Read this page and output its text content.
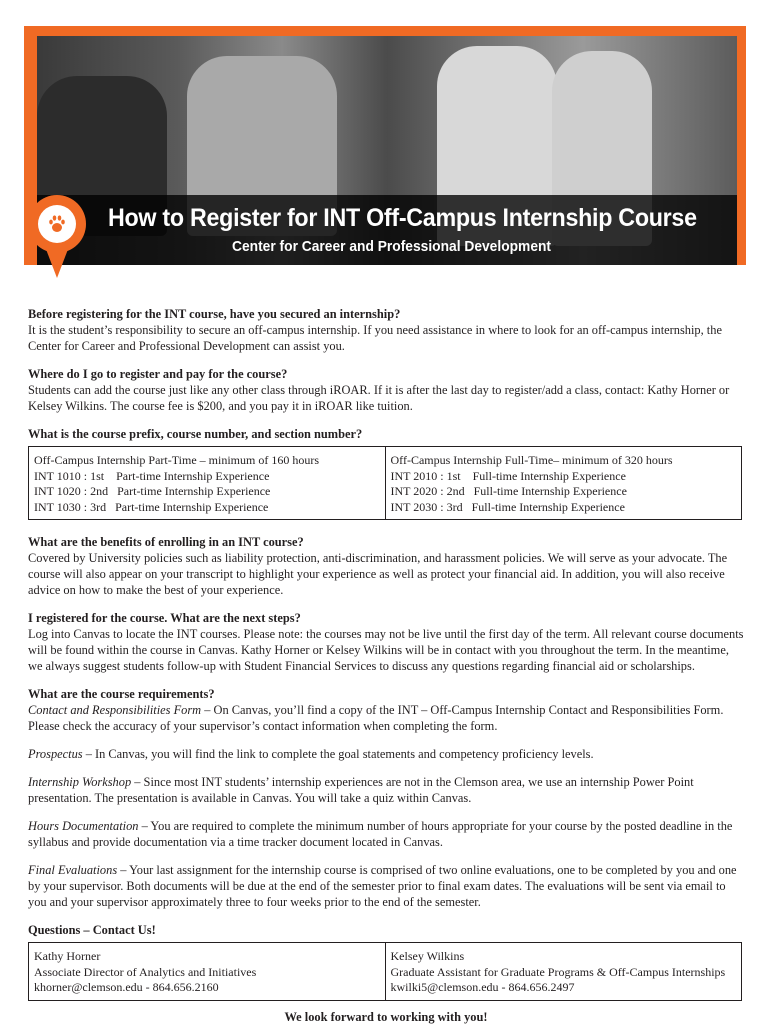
How to Register for INT Off-Campus Internship Course
Center for Career and Professional Development

Before registering for the INT course, have you secured an internship?

It is the student’s responsibility to secure an off-campus internship. If you need assistance in where to look for an off-campus internship, the Center for Career and Professional Development can assist you.

Where do I go to register and pay for the course?

Students can add the course just like any other class through iROAR. If it is after the last day to register/add a class, contact: Kathy Horner or Kelsey Wilkins. The course fee is $200, and you pay it in iROAR like tuition.

What is the course prefix, course number, and section number?

Off-Campus Internship Part-Time – minimum of 160 hours
INT 1010 : 1st    Part-time Internship Experience
INT 1020 : 2nd   Part-time Internship Experience
INT 1030 : 3rd   Part-time Internship Experience

Off-Campus Internship Full-Time– minimum of 320 hours
INT 2010 : 1st    Full-time Internship Experience
INT 2020 : 2nd   Full-time Internship Experience
INT 2030 : 3rd   Full-time Internship Experience

What are the benefits of enrolling in an INT course?

Covered by University policies such as liability protection, anti-discrimination, and harassment policies. We will serve as your advocate. The course will also appear on your transcript to highlight your experience as well as protect your financial aid. In addition, you will also receive advice on how to make the best of your experience.

I registered for the course. What are the next steps?

Log into Canvas to locate the INT courses. Please note: the courses may not be live until the first day of the term. All relevant course documents will be found within the course in Canvas. Kathy Horner or Kelsey Wilkins will be in contact with you throughout the term. In the meantime, we always suggest students follow-up with Student Financial Services to discuss any questions regarding financial aid or scholarships.

What are the course requirements?

Contact and Responsibilities Form – On Canvas, you’ll find a copy of the INT – Off-Campus Internship Contact and Responsibilities Form. Please check the accuracy of your supervisor’s contact information when completing the form.

Prospectus – In Canvas, you will find the link to complete the goal statements and competency proficiency levels.

Internship Workshop – Since most INT students’ internship experiences are not in the Clemson area, we use an internship Power Point presentation. The presentation is available in Canvas. You will take a quiz within Canvas.

Hours Documentation – You are required to complete the minimum number of hours appropriate for your course by the posted deadline in the syllabus and provide documentation via a time tracker document located in Canvas.

Final Evaluations – Your last assignment for the internship course is comprised of two online evaluations, one to be completed by you and one by your supervisor. Both documents will be due at the end of the semester prior to final exam dates. The evaluations will be sent via email to you and your supervisor approximately three to four weeks prior to the end of the semester.

Questions – Contact Us!

Kathy Horner
Associate Director of Analytics and Initiatives
khorner@clemson.edu - 864.656.2160

Kelsey Wilkins
Graduate Assistant for Graduate Programs & Off-Campus Internships
kwilki5@clemson.edu - 864.656.2497
We look forward to working with you!
